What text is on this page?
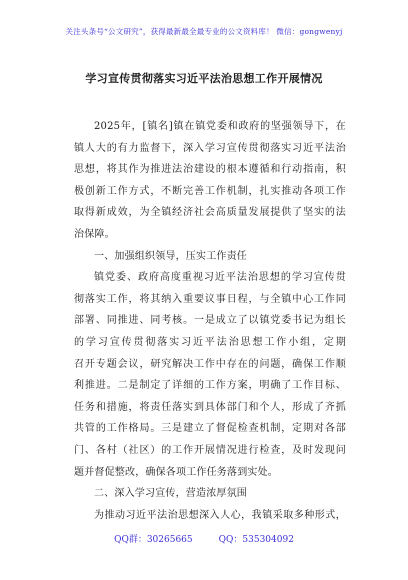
关注头条号“公文研究”，获得最新最全最专业的公文资料库！ 微信：gongwenyj
学习宣传贯彻落实习近平法治思想工作开展情况
2025年，[镇名]镇在镇党委和政府的坚强领导下，在
镇人大的有力监督下，深入学习宣传贯彻落实习近平法治
思想，将其作为推进法治建设的根本遵循和行动指南，积
极创新工作方式，不断完善工作机制，扎实推动各项工作
取得新成效，为全镇经济社会高质量发展提供了坚实的法
治保障。
一、加强组织领导，压实工作责任
镇党委、政府高度重视习近平法治思想的学习宣传贯
彻落实工作，将其纳入重要议事日程，与全镇中心工作同
部署、同推进、同考核。一是成立了以镇党委书记为组长
的学习宣传贯彻落实习近平法治思想工作小组，定期
召开专题会议，研究解决工作中存在的问题，确保工作顺
利推进。二是制定了详细的工作方案，明确了工作目标、
任务和措施，将责任落实到具体部门和个人，形成了齐抓
共管的工作格局。三是建立了督促检查机制，定期对各部
门、各村（社区）的工作开展情况进行检查，及时发现问
题并督促整改，确保各项工作任务落到实处。
二、深入学习宣传，营造浓厚氛围
为推动习近平法治思想深入人心，我镇采取多种形式，
QQ群：30265665	QQ：535304092
